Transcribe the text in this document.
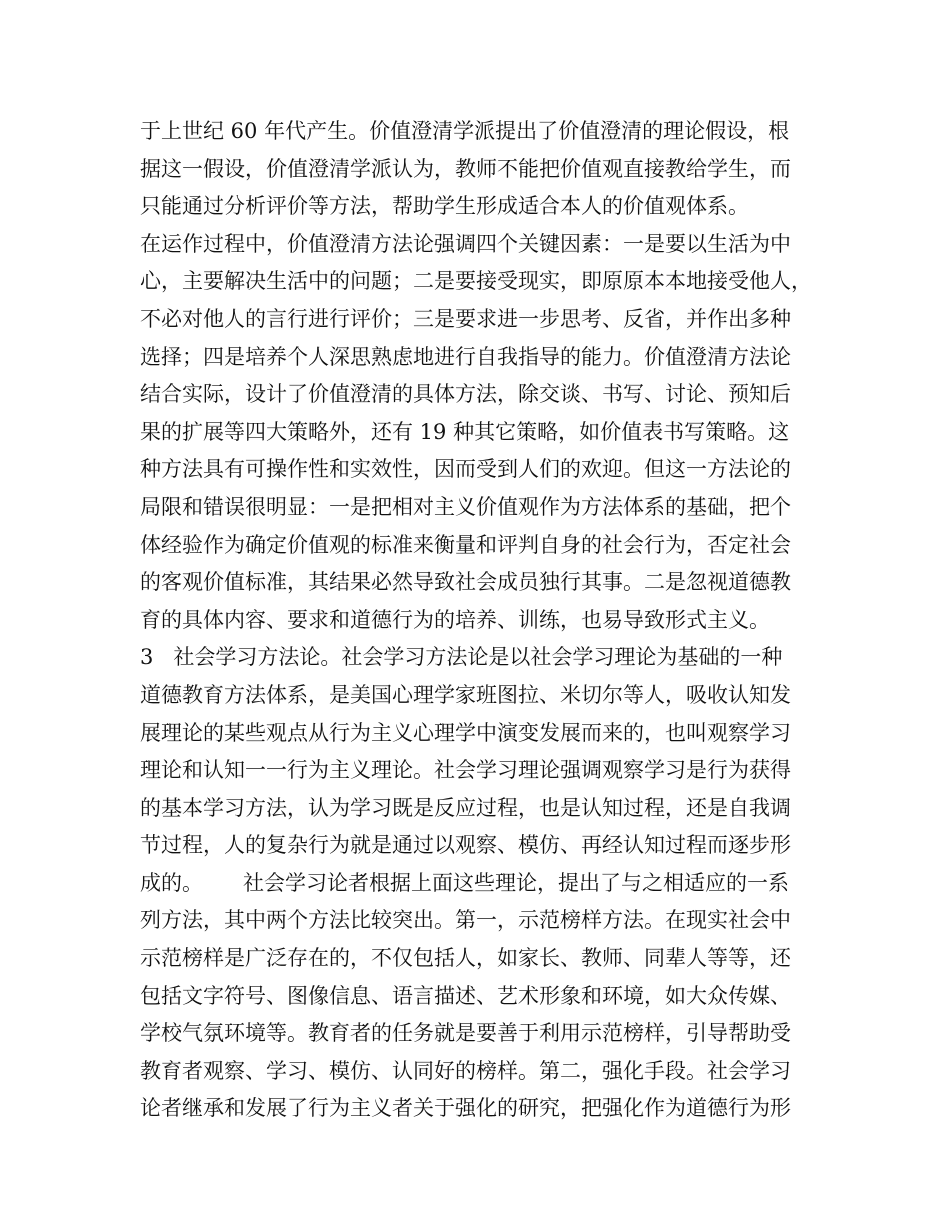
于上世纪 60 年代产生。价值澄清学派提出了价值澄清的理论假设，根
据这一假设，价值澄清学派认为，教师不能把价值观直接教给学生，而
只能通过分析评价等方法，帮助学生形成适合本人的价值观体系。
在运作过程中，价值澄清方法论强调四个关键因素：一是要以生活为中
心，主要解决生活中的问题；二是要接受现实，即原原本本地接受他人，
不必对他人的言行进行评价；三是要求进一步思考、反省，并作出多种
选择；四是培养个人深思熟虑地进行自我指导的能力。价值澄清方法论
结合实际，设计了价值澄清的具体方法，除交谈、书写、讨论、预知后
果的扩展等四大策略外，还有 19 种其它策略，如价值表书写策略。这
种方法具有可操作性和实效性，因而受到人们的欢迎。但这一方法论的
局限和错误很明显：一是把相对主义价值观作为方法体系的基础，把个
体经验作为确定价值观的标准来衡量和评判自身的社会行为，否定社会
的客观价值标准，其结果必然导致社会成员独行其事。二是忽视道德教
育的具体内容、要求和道德行为的培养、训练，也易导致形式主义。
3   社会学习方法论。社会学习方法论是以社会学习理论为基础的一种
道德教育方法体系，是美国心理学家班图拉、米切尔等人，吸收认知发
展理论的某些观点从行为主义心理学中演变发展而来的，也叫观察学习
理论和认知一一行为主义理论。社会学习理论强调观察学习是行为获得
的基本学习方法，认为学习既是反应过程，也是认知过程，还是自我调
节过程，人的复杂行为就是通过以观察、模仿、再经认知过程而逐步形
成的。      社会学习论者根据上面这些理论，提出了与之相适应的一系
列方法，其中两个方法比较突出。第一，示范榜样方法。在现实社会中
示范榜样是广泛存在的，不仅包括人，如家长、教师、同辈人等等，还
包括文字符号、图像信息、语言描述、艺术形象和环境，如大众传媒、
学校气氛环境等。教育者的任务就是要善于利用示范榜样，引导帮助受
教育者观察、学习、模仿、认同好的榜样。第二，强化手段。社会学习
论者继承和发展了行为主义者关于强化的研究，把强化作为道德行为形
